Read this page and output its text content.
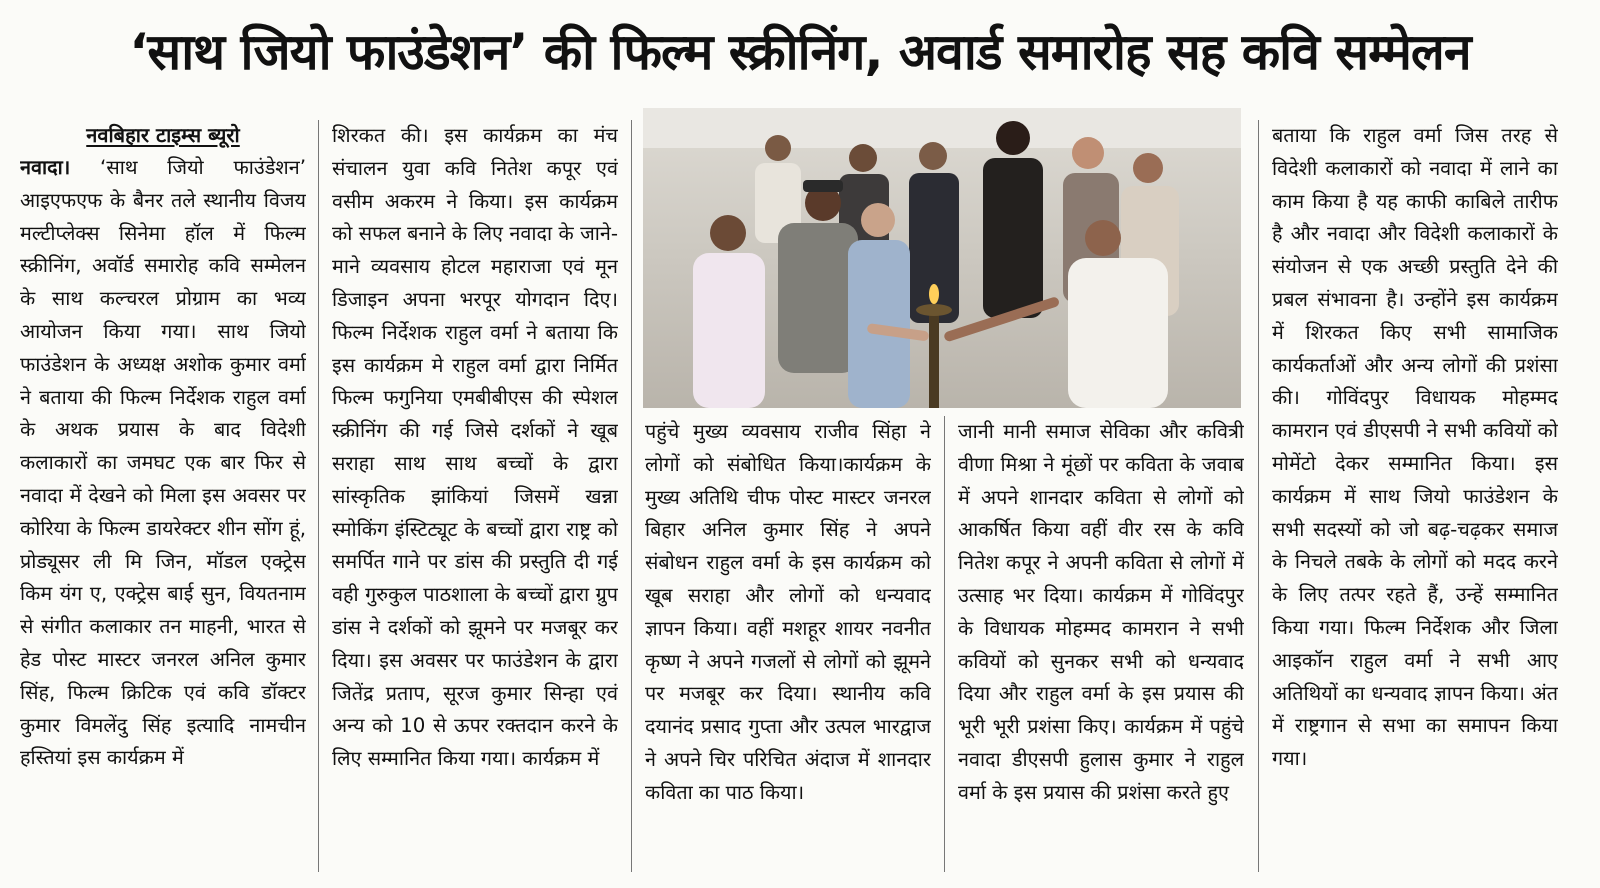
‘साथ जियो फाउंडेशन’ की फिल्म स्क्रीनिंग, अवार्ड समारोह सह कवि सम्मेलन
नवबिहार टाइम्स ब्यूरो

नवादा। ‘साथ जियो फाउंडेशन’ आइएफएफ के बैनर तले स्थानीय विजय मल्टीप्लेक्स सिनेमा हॉल में फिल्म स्क्रीनिंग, अवॉर्ड समारोह कवि सम्मेलन के साथ कल्चरल प्रोग्राम का भव्य आयोजन किया गया। साथ जियो फाउंडेशन के अध्यक्ष अशोक कुमार वर्मा ने बताया की फिल्म निर्देशक राहुल वर्मा के अथक प्रयास के बाद विदेशी कलाकारों का जमघट एक बार फिर से नवादा में देखने को मिला इस अवसर पर कोरिया के फिल्म डायरेक्टर शीन सोंग हूं, प्रोड्यूसर ली मि जिन, मॉडल एक्ट्रेस किम यंग ए, एक्ट्रेस बाई सुन, वियतनाम से संगीत कलाकार तन माहनी, भारत से हेड पोस्ट मास्टर जनरल अनिल कुमार सिंह, फिल्म क्रिटिक एवं कवि डॉक्टर कुमार विमलेंदु सिंह इत्यादि नामचीन हस्तियां इस कार्यक्रम में

शिरकत की। इस कार्यक्रम का मंच संचालन युवा कवि नितेश कपूर एवं वसीम अकरम ने किया। इस कार्यक्रम को सफल बनाने के लिए नवादा के जाने-माने व्यवसाय होटल महाराजा एवं मून डिजाइन अपना भरपूर योगदान दिए। फिल्म निर्देशक राहुल वर्मा ने बताया कि इस कार्यक्रम मे राहुल वर्मा द्वारा निर्मित फिल्म फगुनिया एमबीबीएस की स्पेशल स्क्रीनिंग की गई जिसे दर्शकों ने खूब सराहा साथ साथ बच्चों के द्वारा सांस्कृतिक झांकियां जिसमें खन्ना स्मोकिंग इंस्टिट्यूट के बच्चों द्वारा राष्ट्र को समर्पित गाने पर डांस की प्रस्तुति दी गई वही गुरुकुल पाठशाला के बच्चों द्वारा ग्रुप डांस ने दर्शकों को झूमने पर मजबूर कर दिया। इस अवसर पर फाउंडेशन के द्वारा जितेंद्र प्रताप, सूरज कुमार सिन्हा एवं अन्य को 10 से ऊपर रक्तदान करने के लिए सम्मानित किया गया। कार्यक्रम में

पहुंचे मुख्य व्यवसाय राजीव सिंहा ने लोगों को संबोधित किया।कार्यक्रम के मुख्य अतिथि चीफ पोस्ट मास्टर जनरल बिहार अनिल कुमार सिंह ने अपने संबोधन राहुल वर्मा के इस कार्यक्रम को खूब सराहा और लोगों को धन्यवाद ज्ञापन किया। वहीं मशहूर शायर नवनीत कृष्ण ने अपने गजलों से लोगों को झूमने पर मजबूर कर दिया। स्थानीय कवि दयानंद प्रसाद गुप्ता और उत्पल भारद्वाज ने अपने चिर परिचित अंदाज में शानदार कविता का पाठ किया।

जानी मानी समाज सेविका और कवित्री वीणा मिश्रा ने मूंछों पर कविता के जवाब में अपने शानदार कविता से लोगों को आकर्षित किया वहीं वीर रस के कवि नितेश कपूर ने अपनी कविता से लोगों में उत्साह भर दिया। कार्यक्रम में गोविंदपुर के विधायक मोहम्मद कामरान ने सभी कवियों को सुनकर सभी को धन्यवाद दिया और राहुल वर्मा के इस प्रयास की भूरी भूरी प्रशंसा किए। कार्यक्रम में पहुंचे नवादा डीएसपी हुलास कुमार ने राहुल वर्मा के इस प्रयास की प्रशंसा करते हुए

बताया कि राहुल वर्मा जिस तरह से विदेशी कलाकारों को नवादा में लाने का काम किया है यह काफी काबिले तारीफ है और नवादा और विदेशी कलाकारों के संयोजन से एक अच्छी प्रस्तुति देने की प्रबल संभावना है। उन्होंने इस कार्यक्रम में शिरकत किए सभी सामाजिक कार्यकर्ताओं और अन्य लोगों की प्रशंसा की। गोविंदपुर विधायक मोहम्मद कामरान एवं डीएसपी ने सभी कवियों को मोमेंटो देकर सम्मानित किया। इस कार्यक्रम में साथ जियो फाउंडेशन के सभी सदस्यों को जो बढ़-चढ़कर समाज के निचले तबके के लोगों को मदद करने के लिए तत्पर रहते हैं, उन्हें सम्मानित किया गया। फिल्म निर्देशक और जिला आइकॉन राहुल वर्मा ने सभी आए अतिथियों का धन्यवाद ज्ञापन किया। अंत में राष्ट्रगान से सभा का समापन किया गया।
